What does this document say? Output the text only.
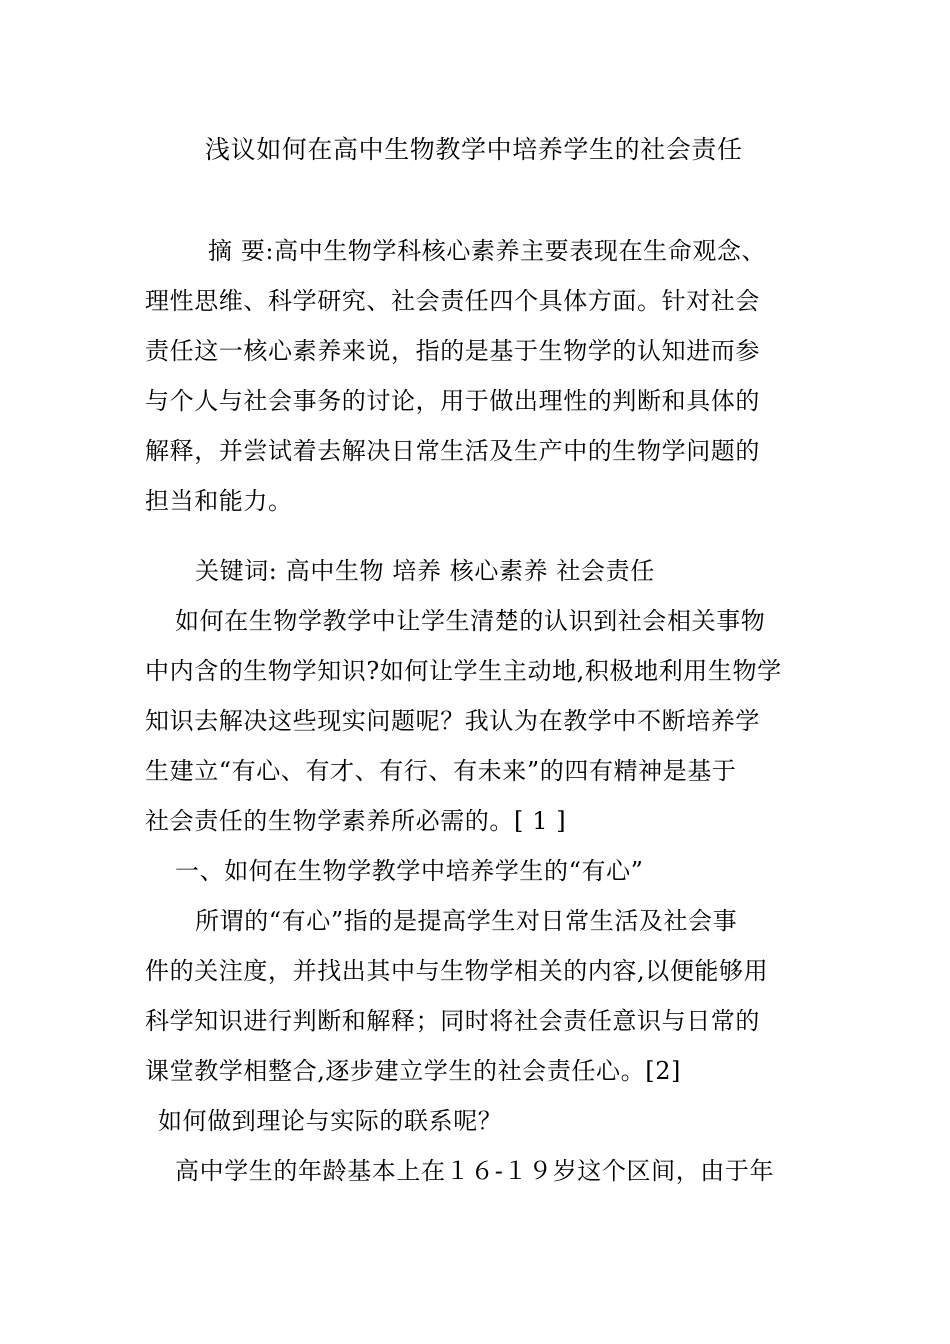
浅议如何在高中生物教学中培养学生的社会责任
摘 要:高中生物学科核心素养主要表现在生命观念、
理性思维、科学研究、社会责任四个具体方面。针对社会
责任这一核心素养来说，指的是基于生物学的认知进而参
与个人与社会事务的讨论，用于做出理性的判断和具体的
解释，并尝试着去解决日常生活及生产中的生物学问题的
担当和能力。
关键词: 高中生物 培养 核心素养 社会责任
如何在生物学教学中让学生清楚的认识到社会相关事物
中内含的生物学知识?如何让学生主动地,积极地利用生物学
知识去解决这些现实问题呢？我认为在教学中不断培养学
生建立“有心、有才、有行、有未来”的四有精神是基于
社会责任的生物学素养所必需的。[ 1 ]
一、如何在生物学教学中培养学生的“有心”
所谓的“有心”指的是提高学生对日常生活及社会事
件的关注度，并找出其中与生物学相关的内容,以便能够用
科学知识进行判断和解释；同时将社会责任意识与日常的
课堂教学相整合,逐步建立学生的社会责任心。[2]
如何做到理论与实际的联系呢？
高中学生的年龄基本上在１６-１９岁这个区间，由于年
